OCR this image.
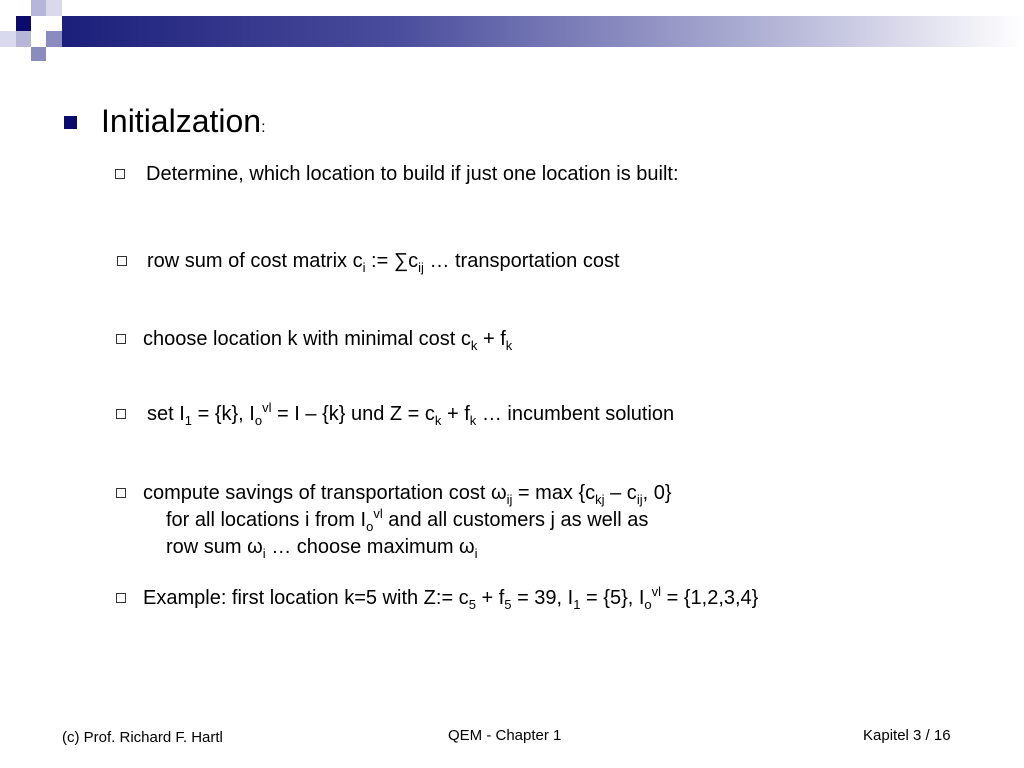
Initialzation:
Determine, which location to build if just one location is built:
row sum of cost matrix $c_i$ := $\sum c_{ij}$ … transportation cost
choose location k with minimal cost $c_k + f_k$
set $I_1 = \{k\}$, $I_o^{vl} = I - \{k\}$ und $Z = c_k + f_k$ … incumbent solution
compute savings of transportation cost $\omega_{ij} = \max \{c_{kj} - c_{ij}$, 0}
for all locations i from $I_o^{vl}$ and all customers j as well as
row sum $\omega_i$ … choose maximum $\omega_i$
Example: first location k=5 with Z:= $c_5 + f_5 = 39$, $I_1 = \{5\}$, $I_o^{vl} = \{1,2,3,4\}$
(c) Prof. Richard F. Hartl	QEM - Chapter 1	Kapitel 3 / 16
